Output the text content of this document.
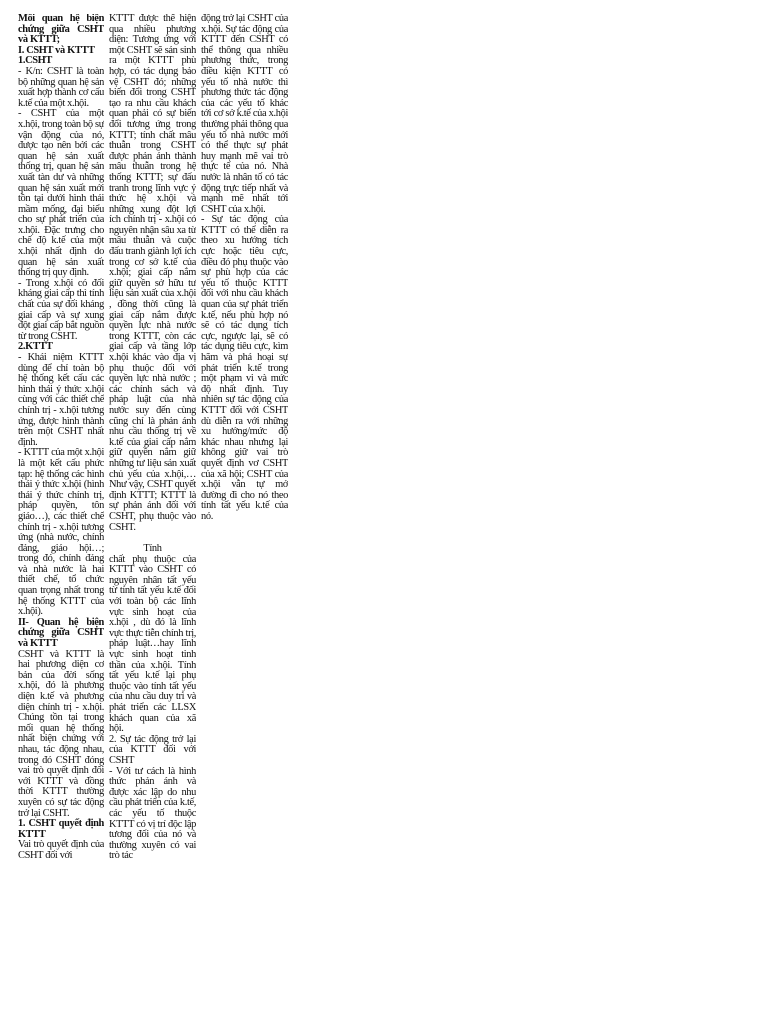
Mối quan hệ biện chứng giữa CSHT và KTTT;

I. CSHT và KTTT

1.CSHT

- K/n: CSHT là toàn bộ những quan hệ sản xuất hợp thành cơ cấu k.tế của một x.hội.

- CSHT của một x.hội, trong toàn bộ sự vận động của nó, được tạo nên bởi các quan hệ sản xuất thống trị, quan hệ sản xuất tàn dư và những quan hệ sản xuất mới tồn tại dưới hình thái mầm mống, đại biểu cho sự phát triển của x.hội. Đặc trưng cho chế độ k.tế của một x.hội nhất định do quan hệ sản xuất thống trị quy định.

- Trong x.hội có đối kháng giai cấp thì tính chất của sự đối kháng giai cấp và sự xung đột giai cấp bắt nguồn từ trong CSHT.

2.KTTT

- Khái niệm KTTT dùng để chỉ toàn bộ hệ thống kết cấu các hình thái ý thức x.hội cùng với các thiết chế chính trị - x.hội tương ứng, được hình thành trên một CSHT nhất định.

- KTTT của một x.hội là một kết cấu phức tạp: hệ thống các hình thái ý thức x.hội (hình thái ý thức chính trị, pháp quyền, tôn giáo…), các thiết chế chính trị - x.hội tương ứng (nhà nước, chính đảng, giáo hội…; trong đó, chính đảng và nhà nước là hai thiết chế, tổ chức quan trọng nhất trong hệ thống KTTT của x.hội).

II- Quan hệ biện chứng giữa CSHT và KTTT

CSHT và KTTT là hai phương diện cơ bản của đời sống x.hội, đó là phương diện k.tế và phương diện chính trị - x.hội. Chúng tồn tại trong mối quan hệ thống nhất biện chứng với nhau, tác động nhau, trong đó CSHT đóng vai trò quyết định đối với KTTT và đồng thời KTTT thường xuyên có sự tác động trở lại CSHT.

1. CSHT quyết định KTTT

Vai trò quyết định của CSHT đối với

KTTT được thể hiện qua nhiều phương diện: Tương ứng với một CSHT sẽ sản sinh ra một KTTT phù hợp, có tác dụng bảo vệ CSHT đó; những biến đổi trong CSHT tạo ra nhu cầu khách quan phải có sự biến đổi tương ứng trong KTTT; tính chất mâu thuẫn trong CSHT được phản ánh thành mâu thuẫn trong hệ thống KTTT; sự đấu tranh trong lĩnh vực ý thức hệ x.hội và những xung đột lợi ích chính trị - x.hội có nguyên nhận sâu xa từ mâu thuẫn và cuộc đấu tranh giành lợi ích trong cơ sở k.tế của x.hội; giai cấp nắm giữ quyền sở hữu tư liệu sản xuất của x.hội , đồng thời cũng là giai cấp nắm được quyền lực nhà nước trong KTTT, còn các giai cấp và tầng lớp x.hội khác vào địa vị phụ thuộc đối với quyền lực nhà nước ; các chính sách và pháp luật của nhà nước suy đến cùng cũng chỉ là phản ánh nhu cầu thống trị về k.tế của giai cấp nắm giữ quyền nắm giữ những tư liệu sản xuất chủ yếu của x.hội,… Như vậy, CSHT quyết định KTTT; KTTT là sự phản ánh đối với CSHT, phụ thuộc vào CSHT.

Tính

chất phụ thuộc của KTTT vào CSHT có nguyên nhân tất yếu từ tính tất yếu k.tế đối với toàn bộ các lĩnh vực sinh hoạt của x.hội , dù đó là lĩnh vực thực tiễn chính trị, pháp luật…hay lĩnh vực sinh hoạt tinh thần của x.hội. Tính tất yếu k.tế lại phụ thuộc vào tính tất yếu của nhu cầu duy trì và phát triển các LLSX khách quan của xã hội.

2. Sự tác động trở lại của KTTT đối với CSHT

- Với tư cách là hình thức phản ánh và được xác lập do nhu cầu phát triển của k.tế, các yếu tố thuộc KTTT có vị trí độc lập tương đối của nó và thường xuyên có vai trò tác

động trở lại CSHT của x.hội. Sự tác động của KTTT đến CSHT có thể thông qua nhiều phương thức, trong điều kiện KTTT có yếu tố nhà nước thì phương thức tác động của các yếu tố khác tới cơ sở k.tế của x.hội thường phải thông qua yếu tố nhà nước mới có thể thực sự phát huy mạnh mẽ vai trò thực tế của nó. Nhà nước là nhân tố có tác động trực tiếp nhất và mạnh mẽ nhất tới CSHT của x.hội.

- Sự tác động của KTTT có thể diễn ra theo xu hướng tích cực hoặc tiêu cực, điều đó phụ thuộc vào sự phù hợp của các yếu tố thuộc KTTT đối với nhu cầu khách quan của sự phát triển k.tế, nếu phù hợp nó sẽ có tác dụng tích cực, ngược lại, sẽ có tác dụng tiêu cực, kìm hãm và phá hoại sự phát triển k.tế trong một phạm vi và mức độ nhất định. Tuy nhiên sự tác động của KTTT đối với CSHT dù diễn ra với những xu hướng/mức độ khác nhau nhưng lại không giữ vai trò quyết định vơ CSHT của xã hội; CSHT của x.hội vẫn tự mở đường đi cho nó theo tính tất yếu k.tế của nó.
